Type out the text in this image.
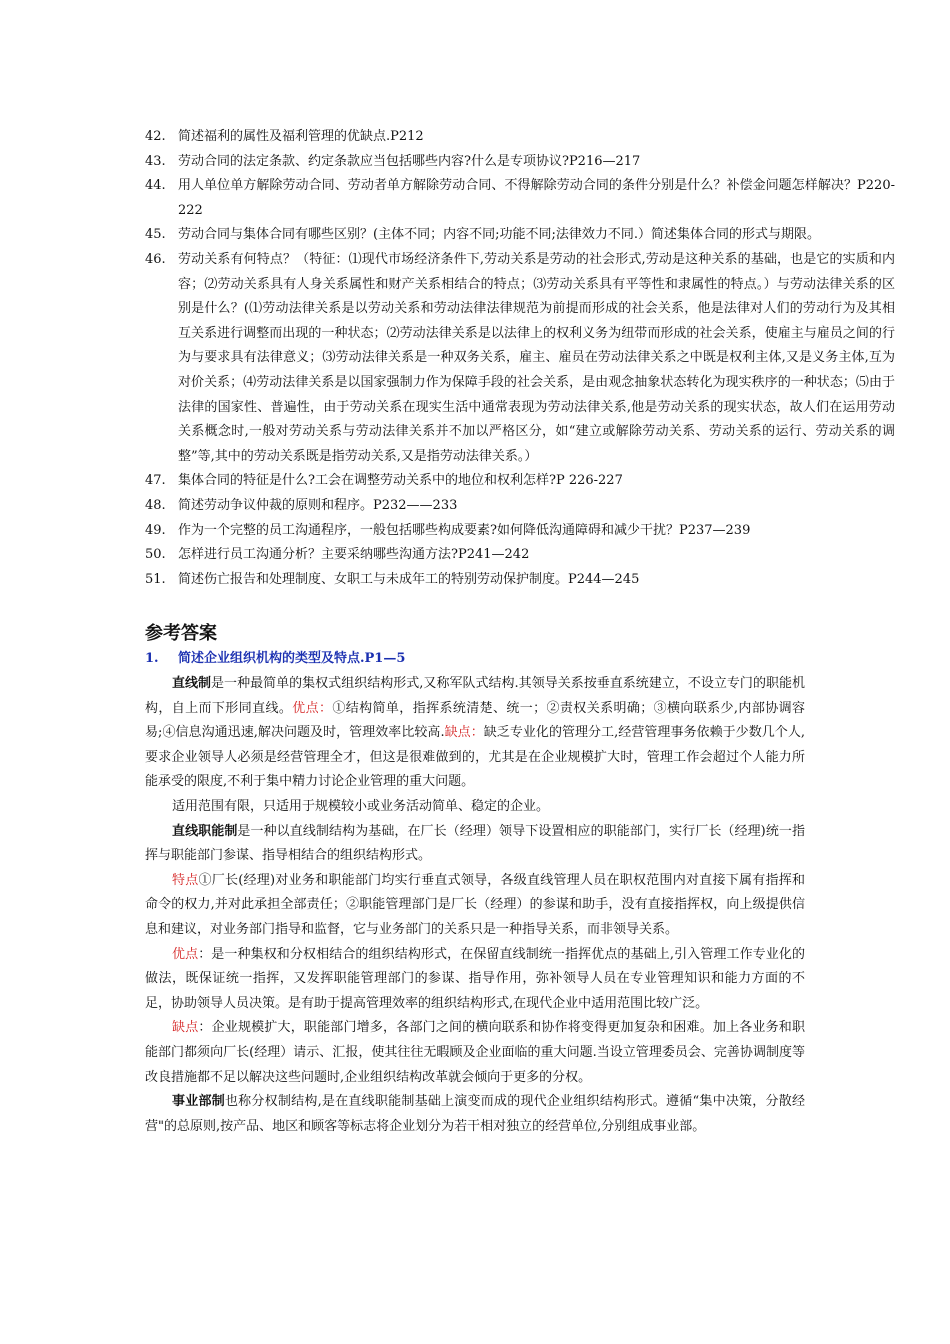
42. 简述福利的属性及福利管理的优缺点.P212
43. 劳动合同的法定条款、约定条款应当包括哪些内容?什么是专项协议?P216—217
44. 用人单位单方解除劳动合同、劳动者单方解除劳动合同、不得解除劳动合同的条件分别是什么？补偿金问题怎样解决？P220-222
45. 劳动合同与集体合同有哪些区别？(主体不同；内容不同;功能不同;法律效力不同.）简述集体合同的形式与期限。
46. 劳动关系有何特点？（特征：⑴现代市场经济条件下,劳动关系是劳动的社会形式,劳动是这种关系的基础，也是它的实质和内容；⑵劳动关系具有人身关系属性和财产关系相结合的特点；⑶劳动关系具有平等性和隶属性的特点。）与劳动法律关系的区别是什么？(⑴劳动法律关系是以劳动关系和劳动法律法律规范为前提而形成的社会关系，他是法律对人们的劳动行为及其相互关系进行调整而出现的一种状态；⑵劳动法律关系是以法律上的权利义务为纽带而形成的社会关系，使雇主与雇员之间的行为与要求具有法律意义；⑶劳动法律关系是一种双务关系，雇主、雇员在劳动法律关系之中既是权利主体,又是义务主体,互为对价关系；⑷劳动法律关系是以国家强制力作为保障手段的社会关系，是由观念抽象状态转化为现实秩序的一种状态；⑸由于法律的国家性、普遍性，由于劳动关系在现实生活中通常表现为劳动法律关系,他是劳动关系的现实状态，故人们在运用劳动关系概念时,一般对劳动关系与劳动法律关系并不加以严格区分，如“建立或解除劳动关系、劳动关系的运行、劳动关系的调整”等,其中的劳动关系既是指劳动关系,又是指劳动法律关系。）
47. 集体合同的特征是什么?工会在调整劳动关系中的地位和权利怎样?P 226-227
48. 简述劳动争议仲裁的原则和程序。P232——233
49. 作为一个完整的员工沟通程序，一般包括哪些构成要素?如何降低沟通障碍和减少干扰？P237—239
50. 怎样进行员工沟通分析？主要采纳哪些沟通方法?P241—242
51. 简述伤亡报告和处理制度、女职工与未成年工的特别劳动保护制度。P244—245
参考答案
1.	简述企业组织机构的类型及特点.P1—5

直线制是一种最简单的集权式组织结构形式,又称军队式结构.其领导关系按垂直系统建立，不设立专门的职能机构，自上而下形同直线。优点：①结构简单，指挥系统清楚、统一；②责权关系明确；③横向联系少,内部协调容易;④信息沟通迅速,解决问题及时，管理效率比较高.缺点：缺乏专业化的管理分工,经营管理事务依赖于少数几个人,要求企业领导人必须是经营管理全才，但这是很难做到的，尤其是在企业规模扩大时，管理工作会超过个人能力所能承受的限度,不利于集中精力讨论企业管理的重大问题。

适用范围有限，只适用于规模较小或业务活动简单、稳定的企业。

直线职能制是一种以直线制结构为基础，在厂长（经理）领导下设置相应的职能部门，实行厂长（经理)统一指挥与职能部门参谋、指导相结合的组织结构形式。

特点①厂长(经理)对业务和职能部门均实行垂直式领导，各级直线管理人员在职权范围内对直接下属有指挥和命令的权力,并对此承担全部责任；②职能管理部门是厂长（经理）的参谋和助手，没有直接指挥权，向上级提供信息和建议，对业务部门指导和监督，它与业务部门的关系只是一种指导关系，而非领导关系。

优点：是一种集权和分权相结合的组织结构形式，在保留直线制统一指挥优点的基础上,引入管理工作专业化的做法，既保证统一指挥，又发挥职能管理部门的参谋、指导作用，弥补领导人员在专业管理知识和能力方面的不足，协助领导人员决策。是有助于提高管理效率的组织结构形式,在现代企业中适用范围比较广泛。

缺点：企业规模扩大，职能部门增多，各部门之间的横向联系和协作将变得更加复杂和困难。加上各业务和职能部门都须向厂长(经理）请示、汇报，使其往往无暇顾及企业面临的重大问题.当设立管理委员会、完善协调制度等改良措施都不足以解决这些问题时,企业组织结构改革就会倾向于更多的分权。

事业部制也称分权制结构,是在直线职能制基础上演变而成的现代企业组织结构形式。遵循“集中决策，分散经营"的总原则,按产品、地区和顾客等标志将企业划分为若干相对独立的经营单位,分别组成事业部。
